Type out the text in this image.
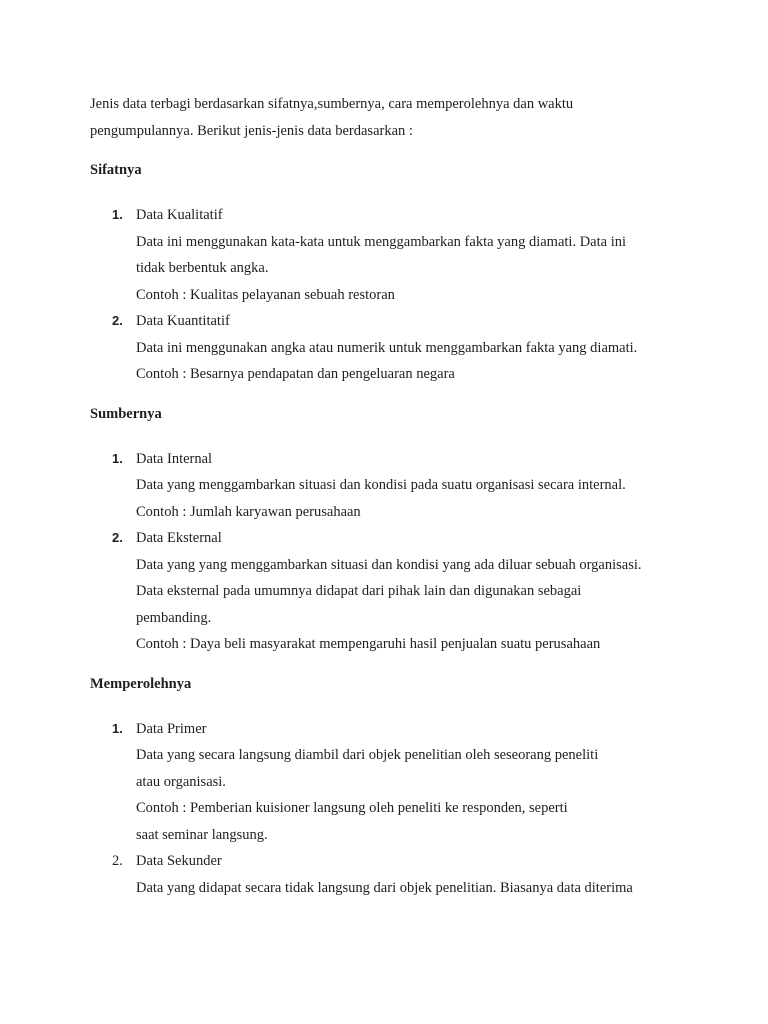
Jenis data terbagi berdasarkan sifatnya,sumbernya, cara memperolehnya dan waktu
pengumpulannya. Berikut jenis-jenis data berdasarkan :
Sifatnya
1. Data Kualitatif
Data ini menggunakan kata-kata untuk menggambarkan fakta yang diamati. Data ini
tidak berbentuk angka.
Contoh : Kualitas pelayanan sebuah restoran
2. Data Kuantitatif
Data ini menggunakan angka atau numerik untuk menggambarkan fakta yang diamati.
Contoh : Besarnya pendapatan dan pengeluaran negara
Sumbernya
1. Data Internal
Data yang menggambarkan situasi dan kondisi pada suatu organisasi secara internal.
Contoh : Jumlah karyawan perusahaan
2. Data Eksternal
Data yang yang menggambarkan situasi dan kondisi yang ada diluar sebuah organisasi.
Data eksternal pada umumnya didapat dari pihak lain dan digunakan sebagai
pembanding.
Contoh : Daya beli masyarakat mempengaruhi hasil penjualan suatu perusahaan
Memperolehnya
1. Data Primer
Data yang secara langsung diambil dari objek penelitian oleh seseorang peneliti
atau organisasi.
Contoh : Pemberian kuisioner langsung oleh peneliti ke responden, seperti
saat seminar langsung.
2. Data Sekunder
Data yang didapat secara tidak langsung dari objek penelitian. Biasanya data diterima
